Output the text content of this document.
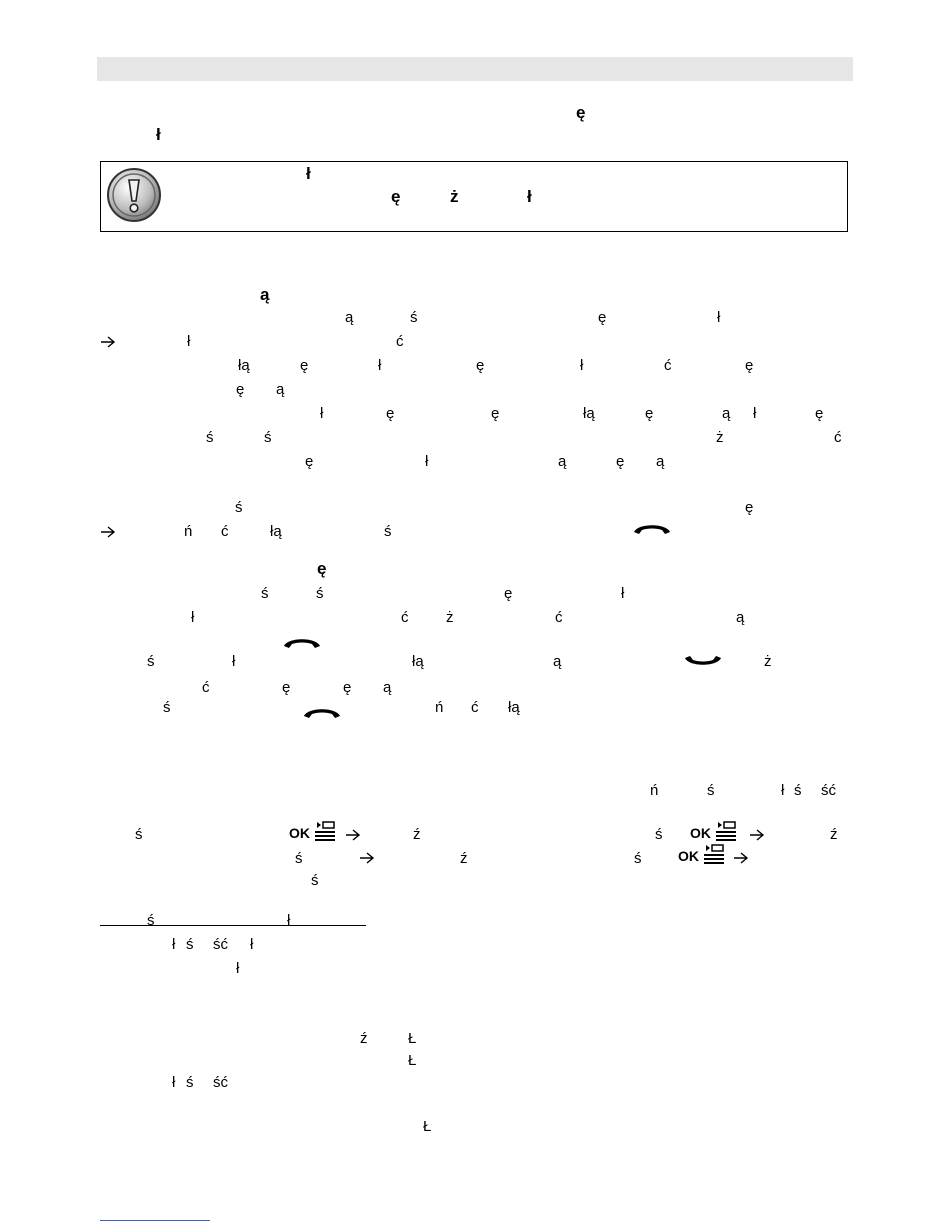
OK	OK
OK
ę
ł
ł
ę	ż	ł
ą
ą	ś	ę	ł
ł	ć
łą	ę	ł	ę	ł	ć	ę
ę ą
ł	ę	ę	łą	ę	ą ł	ę
ś	ś	ż	ć
ę	ł	ą	ę ą
ś	ę
ń ć	łą	ś
ę
ś	ś	ę	ł
ł	ć	ż	ć	ą
ś	ł	łą	ą	ż
ć	ę	ę ą
ś	ń ć łą
ń	ś	ł ś ść
ś	ź	ś	ź
ś	ź	ś
ś
ś	ł
ł ś ść ł
ł
ź	Ł
Ł
ł ś ść
Ł
